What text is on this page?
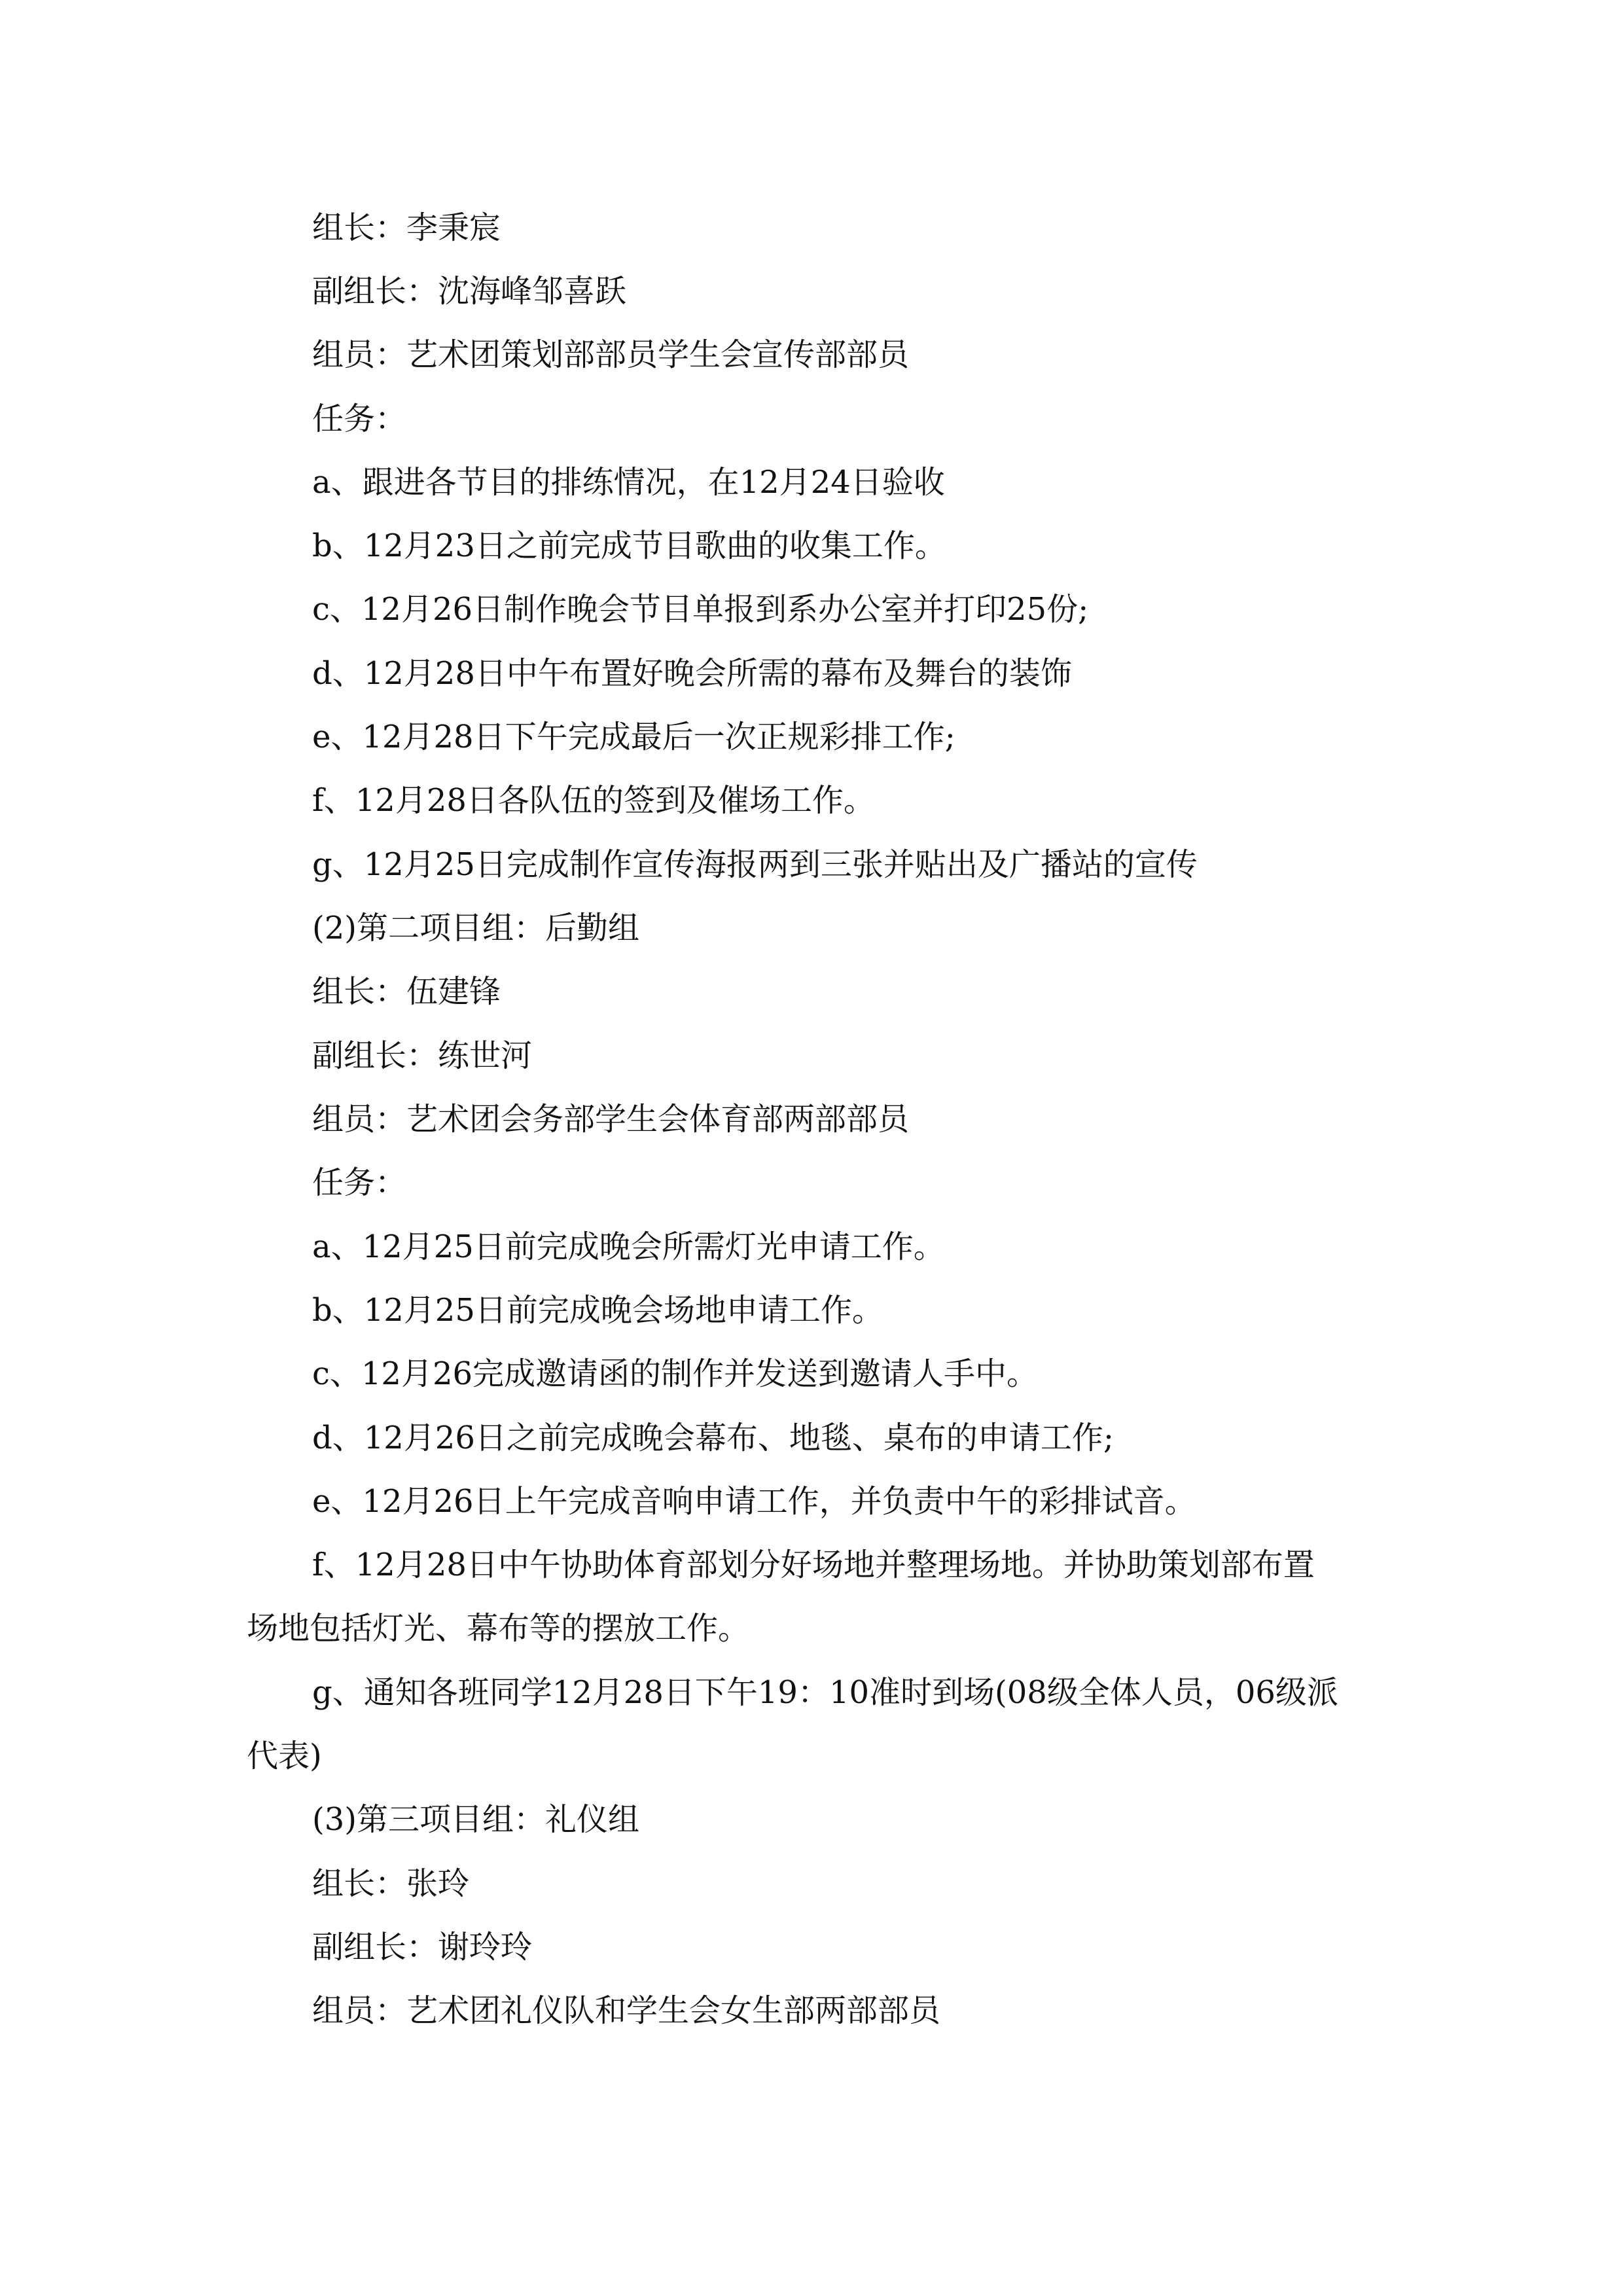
组长：李秉宸
副组长：沈海峰邹喜跃
组员：艺术团策划部部员学生会宣传部部员
任务：
a、跟进各节目的排练情况，在12月24日验收
b、12月23日之前完成节目歌曲的收集工作。
c、12月26日制作晚会节目单报到系办公室并打印25份;
d、12月28日中午布置好晚会所需的幕布及舞台的装饰
e、12月28日下午完成最后一次正规彩排工作;
f、12月28日各队伍的签到及催场工作。
g、12月25日完成制作宣传海报两到三张并贴出及广播站的宣传
(2)第二项目组：后勤组
组长：伍建锋
副组长：练世河
组员：艺术团会务部学生会体育部两部部员
任务：
a、12月25日前完成晚会所需灯光申请工作。
b、12月25日前完成晚会场地申请工作。
c、12月26完成邀请函的制作并发送到邀请人手中。
d、12月26日之前完成晚会幕布、地毯、桌布的申请工作;
e、12月26日上午完成音响申请工作，并负责中午的彩排试音。
f、12月28日中午协助体育部划分好场地并整理场地。并协助策划部布置
场地包括灯光、幕布等的摆放工作。
g、通知各班同学12月28日下午19：10准时到场(08级全体人员，06级派
代表)
(3)第三项目组：礼仪组
组长：张玲
副组长：谢玲玲
组员：艺术团礼仪队和学生会女生部两部部员
